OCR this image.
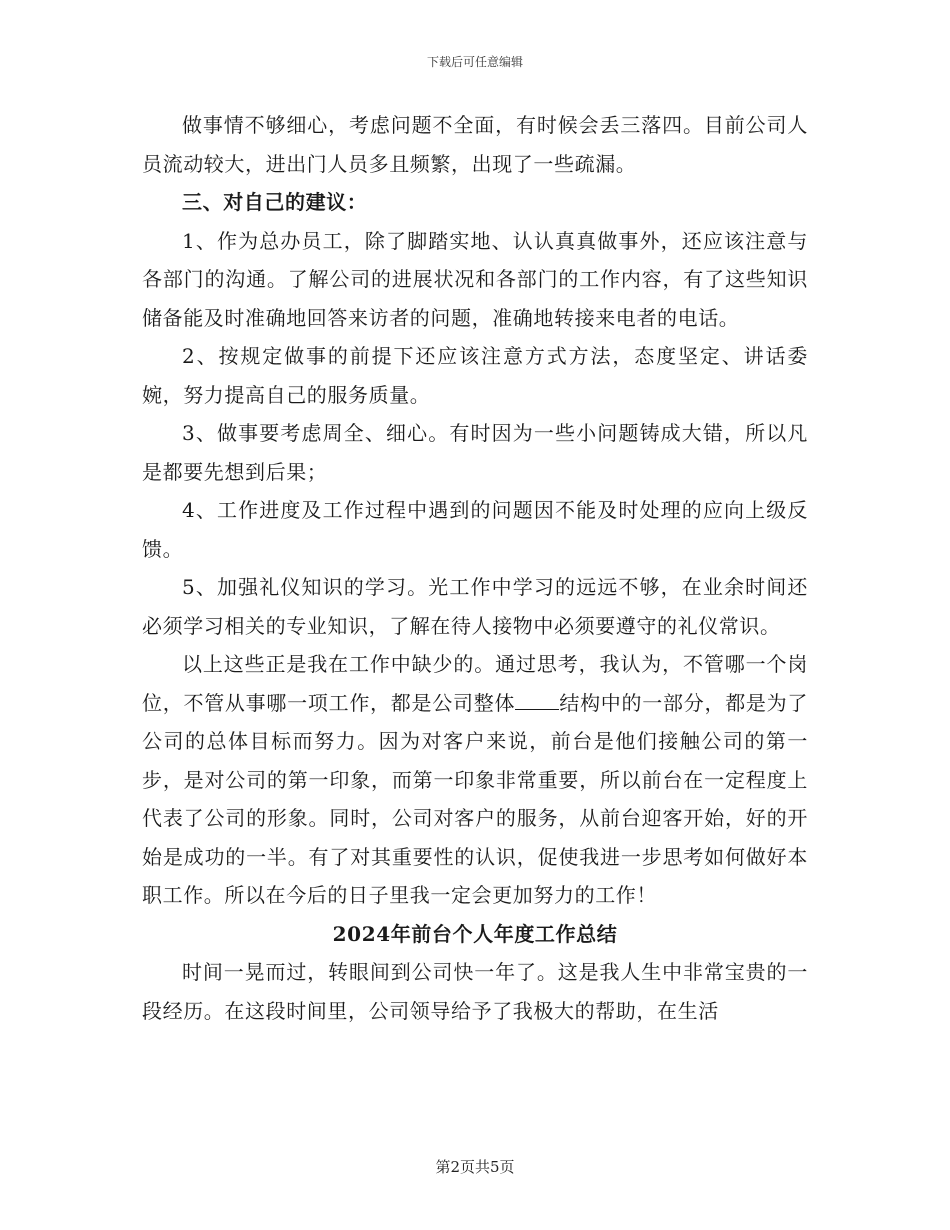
下载后可任意编辑

做事情不够细心，考虑问题不全面，有时候会丢三落四。目前公司人员流动较大，进出门人员多且频繁，出现了一些疏漏。

三、对自己的建议：

1、作为总办员工，除了脚踏实地、认认真真做事外，还应该注意与各部门的沟通。了解公司的进展状况和各部门的工作内容，有了这些知识储备能及时准确地回答来访者的问题，准确地转接来电者的电话。

2、按规定做事的前提下还应该注意方式方法，态度坚定、讲话委婉，努力提高自己的服务质量。

3、做事要考虑周全、细心。有时因为一些小问题铸成大错，所以凡是都要先想到后果；

4、工作进度及工作过程中遇到的问题因不能及时处理的应向上级反馈。

5、加强礼仪知识的学习。光工作中学习的远远不够，在业余时间还必须学习相关的专业知识，了解在待人接物中必须要遵守的礼仪常识。

以上这些正是我在工作中缺少的。通过思考，我认为，不管哪一个岗位，不管从事哪一项工作，都是公司整体 结构中的一部分，都是为了公司的总体目标而努力。因为对客户来说，前台是他们接触公司的第一步，是对公司的第一印象，而第一印象非常重要，所以前台在一定程度上代表了公司的形象。同时，公司对客户的服务，从前台迎客开始，好的开始是成功的一半。有了对其重要性的认识，促使我进一步思考如何做好本职工作。所以在今后的日子里我一定会更加努力的工作！

2024年前台个人年度工作总结

时间一晃而过，转眼间到公司快一年了。这是我人生中非常宝贵的一段经历。在这段时间里，公司领导给予了我极大的帮助，在生活

第2页共5页
